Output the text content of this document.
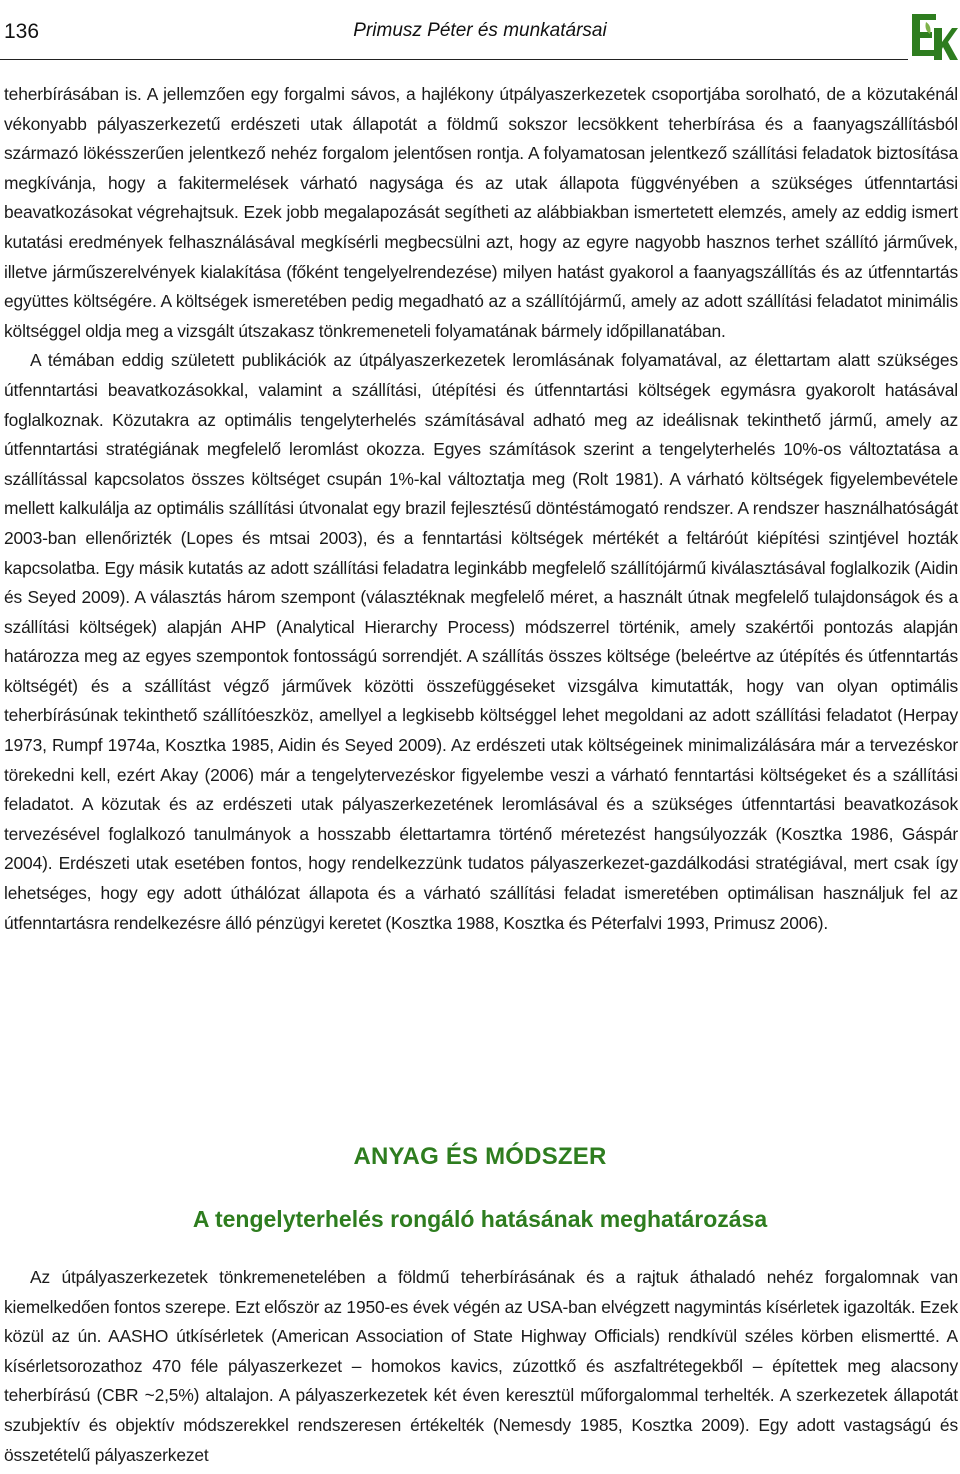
136	Primusz Péter és munkatársai

teherbírásában is. A jellemzően egy forgalmi sávos, a hajlékony útpályaszerkezetek csoportjába sorolható, de a közutakénál vékonyabb pályaszerkezetű erdészeti utak állapotát a földmű sokszor lecsökkent teherbírása és a faanyagszállításból származó lökésszerűen jelentkező nehéz forgalom jelentősen rontja. A folyamatosan jelentkező szállítási feladatok biztosítása megkívánja, hogy a fakitermelések várható nagysága és az utak állapota függvényében a szükséges útfenntartási beavatkozásokat végrehajtsuk. Ezek jobb megalapozását segítheti az alábbiakban ismertetett elemzés, amely az eddig ismert kutatási eredmények felhasználásával megkísérli megbecsülni azt, hogy az egyre nagyobb hasznos terhet szállító járművek, illetve járműszerelvények kialakítása (főként tengelyelrendezése) milyen hatást gyakorol a faanyagszállítás és az útfenntartás együttes költségére. A költségek ismeretében pedig megadható az a szállítójármű, amely az adott szállítási feladatot minimális költséggel oldja meg a vizsgált útszakasz tönkremeneteli folyamatának bármely időpillanatában.

A témában eddig született publikációk az útpályaszerkezetek leromlásának folyamatával, az élettartam alatt szükséges útfenntartási beavatkozásokkal, valamint a szállítási, útépítési és útfenntartási költségek egymásra gyakorolt hatásával foglalkoznak. Közutakra az optimális tengelyterhelés számításával adható meg az ideálisnak tekinthető jármű, amely az útfenntartási stratégiának megfelelő leromlást okozza. Egyes számítások szerint a tengelyterhelés 10%-os változtatása a szállítással kapcsolatos összes költséget csupán 1%-kal változtatja meg (Rolt 1981). A várható költségek figyelembevétele mellett kalkulálja az optimális szállítási útvonalat egy brazil fejlesztésű döntéstámogató rendszer. A rendszer használhatóságát 2003-ban ellenőrizték (Lopes és mtsai 2003), és a fenntartási költségek mértékét a feltáróút kiépítési szintjével hozták kapcsolatba. Egy másik kutatás az adott szállítási feladatra leginkább megfelelő szállítójármű kiválasztásával foglalkozik (Aidin és Seyed 2009). A választás három szempont (választéknak megfelelő méret, a használt útnak megfelelő tulajdonságok és a szállítási költségek) alapján AHP (Analytical Hierarchy Process) módszerrel történik, amely szakértői pontozás alapján határozza meg az egyes szempontok fontosságú sorrendjét. A szállítás összes költsége (beleértve az útépítés és útfenntartás költségét) és a szállítást végző járművek közötti összefüggéseket vizsgálva kimutatták, hogy van olyan optimális teherbírásúnak tekinthető szállítóeszköz, amellyel a legkisebb költséggel lehet megoldani az adott szállítási feladatot (Herpay 1973, Rumpf 1974a, Kosztka 1985, Aidin és Seyed 2009). Az erdészeti utak költségeinek minimalizálására már a tervezéskor törekedni kell, ezért Akay (2006) már a tengelytervezéskor figyelembe veszi a várható fenntartási költségeket és a szállítási feladatot. A közutak és az erdészeti utak pályaszerkezetének leromlásával és a szükséges útfenntartási beavatkozások tervezésével foglalkozó tanulmányok a hosszabb élettartamra történő méretezést hangsúlyozzák (Kosztka 1986, Gáspár 2004). Erdészeti utak esetében fontos, hogy rendelkezzünk tudatos pályaszerkezet-gazdálkodási stratégiával, mert csak így lehetséges, hogy egy adott úthálózat állapota és a várható szállítási feladat ismeretében optimálisan használjuk fel az útfenntartásra rendelkezésre álló pénzügyi keretet (Kosztka 1988, Kosztka és Péterfalvi 1993, Primusz 2006).

ANYAG ÉS MÓDSZER
A tengelyterhelés rongáló hatásának meghatározása

Az útpályaszerkezetek tönkremenetelében a földmű teherbírásának és a rajtuk áthaladó nehéz forgalomnak van kiemelkedően fontos szerepe. Ezt először az 1950-es évek végén az USA-ban elvégzett nagymintás kísérletek igazolták. Ezek közül az ún. AASHO útkísérletek (American Association of State Highway Officials) rendkívül széles körben elismertté. A kísérletsorozathoz 470 féle pályaszerkezet – homokos kavics, zúzottkő és aszfaltrétegekből – építettek meg alacsony teherbírású (CBR ~2,5%) altalajon. A pályaszerkezetek két éven keresztül műforgalommal terhelték. A szerkezetek állapotát szubjektív és objektív módszerekkel rendszeresen értékelték (Nemesdy 1985, Kosztka 2009). Egy adott vastagságú és összetételű pályaszerkezet
